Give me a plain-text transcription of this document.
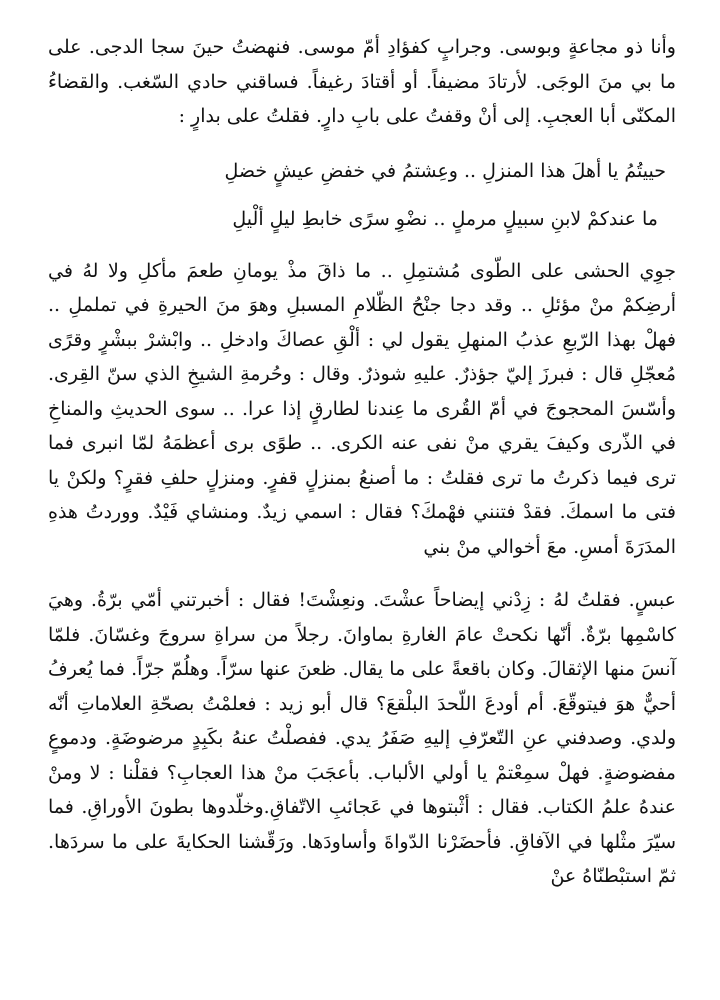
وأنا ذو مجاعةٍ وبوسى. وجرابٍ كفؤادِ أمّ موسى. فنهضتُ حينَ سجا الدجى. على ما بي منَ الوجَى. لأرتادَ مضيفاً. أو أقتادَ رغيفاً. فساقني حادي السّغب. والقضاءُ المكنّى أبا العجبِ. إلى أنْ وقفتُ على بابِ دارٍ. فقلتُ على بدارٍ :

حييتُمُ يا أهلَ هذا المنزلِ .. وعِشتمُ في خفضِ عيشٍ خضلِ

ما عندكمْ لابنِ سبيلٍ مرملٍ .. نضْوِ سرًى خابطِ ليلٍ ألْيلِ

جوِي الحشى على الطّوى مُشتمِلِ .. ما ذاقَ مذْ يومانِ طعمَ مأكلِ ولا لهُ في أرضِكمْ منْ مؤئلِ .. وقد دجا جنْحُ الظّلامِ المسبلِ وهوَ منَ الحيرةِ في تململِ .. فهلْ بهذا الرّبعِ عذبُ المنهلِ يقول لي : ألْقِ عصاكَ وادخلِ .. وابْشرْ ببشْرٍ وقرًى مُعجّلِ قال : فبرزَ إليّ جؤذرٌ. عليهِ شوذرٌ. وقال : وحُرمةِ الشيخِ الذي سنّ القِرى. وأسّسَ المحجوجَ في أمّ القُرى ما عِندنا لطارقٍ إذا عرا. .. سوى الحديثِ والمناخِ في الذّرى وكيفَ يقري منْ نفى عنه الكرى. .. طوًى برى أعظمَهُ لمّا انبرى فما ترى فيما ذكرتُ ما ترى فقلتُ : ما أصنعُ بمنزلٍ قفرٍ. ومنزلٍ حلفِ فقرٍ؟ ولكنْ يا فتى ما اسمكَ. فقدْ فتنني فهْمكَ؟ فقال : اسمي زيدٌ. ومنشاي فَيْدٌ. ووردتُ هذهِ المدَرَةَ أمسِ. معَ أخوالي منْ بني

عبسٍ. فقلتُ لهُ : زِدْني إيضاحاً عشْتَ. ونعِشْتَ! فقال : أخبرتني أمّي برّةُ. وهيَ كاسْمِها برّةٌ. أنّها نكحتْ عامَ الغارةِ بماوانَ. رجلاً من سراةِ سروجَ وغسّانَ. فلمّا آنسَ منها الإثقالَ. وكان باقعةً على ما يقال. ظعنَ عنها سرّاً. وهلُمّ جرّاً. فما يُعرفُ أحيٌّ هوَ فيتوقّعَ. أم أودعَ اللّحدَ البلْقعَ؟ قال أبو زيد : فعلمْتُ بصحّةِ العلاماتِ أنّه ولدي. وصدفني عنِ التّعرّفِ إليهِ صَفَرُ يدي. ففصلْتُ عنهُ بكَبِدٍ مرضوضَةٍ. ودموعٍ مفضوضةٍ. فهلْ سمِعْتمْ يا أولي الألباب. بأعجَبَ منْ هذا العجابِ؟ فقلْنا : لا ومنْ عندهُ علمُ الكتاب. فقال : أثْبتوها في عَجائبِ الاتّفاقِ.وخلّدوها بطونَ الأوراقِ. فما سيّرَ مثْلها في الآفاقِ. فأحضَرْنا الدّواةَ وأساودَها. ورَقّشنا الحكايةَ على ما سردَها. ثمّ استبْطنّاهُ عنْ
